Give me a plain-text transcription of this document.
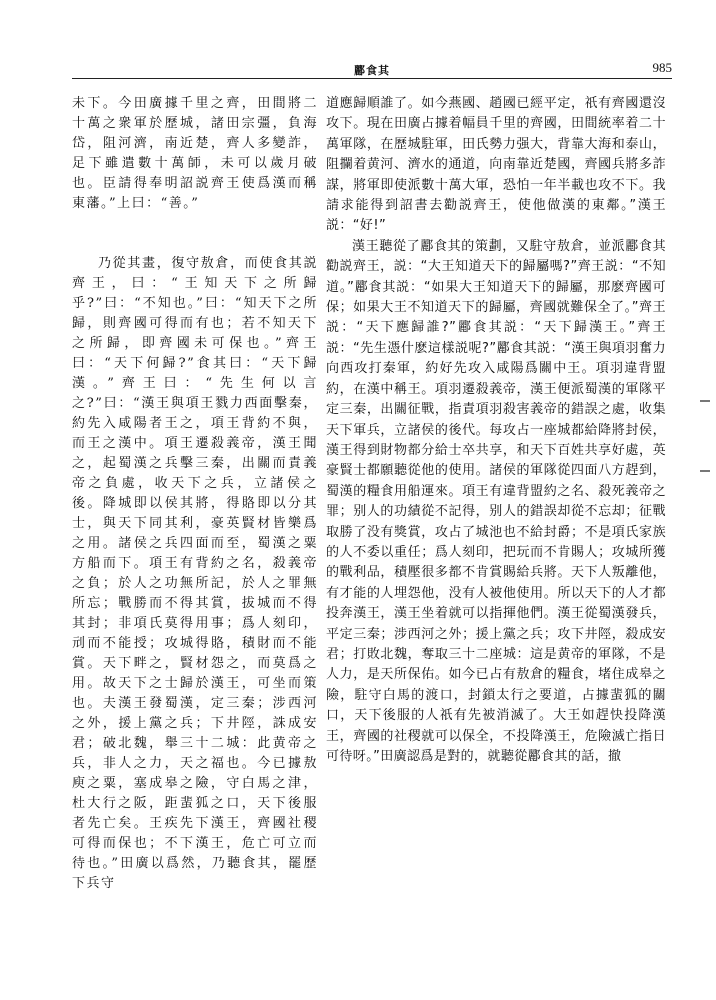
酈食其	985

未下。今田廣據千里之齊，田間將二十萬之衆軍於歷城，諸田宗彊，負海岱，阻河濟，南近楚，齊人多變詐，足下雖遣數十萬師，未可以歲月破也。臣請得奉明詔説齊王使爲漢而稱東藩。”上曰：“善。”

乃從其畫，復守敖倉，而使食其説齊王，曰：“王知天下之所歸乎?”曰：“不知也。”曰：“知天下之所歸，則齊國可得而有也；若不知天下之所歸，即齊國未可保也。”齊王曰：“天下何歸?”食其曰：“天下歸漢。”齊王曰：“先生何以言之?”曰：“漢王與項王戮力西面擊秦，約先入咸陽者王之，項王背約不與，而王之漢中。項王遷殺義帝，漢王聞之，起蜀漢之兵擊三秦，出關而責義帝之負處，收天下之兵，立諸侯之後。降城即以侯其將，得賂即以分其士，與天下同其利，豪英賢材皆樂爲之用。諸侯之兵四面而至，蜀漢之粟方船而下。項王有背約之名，殺義帝之負；於人之功無所記，於人之罪無所忘；戰勝而不得其賞，拔城而不得其封；非項氏莫得用事；爲人刻印，刓而不能授；攻城得賂，積財而不能賞。天下畔之，賢材怨之，而莫爲之用。故天下之士歸於漢王，可坐而策也。夫漢王發蜀漢，定三秦；涉西河之外，援上黨之兵；下井陘，誅成安君；破北魏，舉三十二城：此黄帝之兵，非人之力，天之福也。今已據敖庾之粟，塞成皋之險，守白馬之津，杜大行之阪，距蜚狐之口，天下後服者先亡矣。王疾先下漢王，齊國社稷可得而保也；不下漢王，危亡可立而待也。”田廣以爲然，乃聽食其，罷歷下兵守

道應歸順誰了。如今燕國、趙國已經平定，祇有齊國還沒攻下。現在田廣占據着幅員千里的齊國，田間統率着二十萬軍隊，在歷城駐軍，田氏勢力强大，背靠大海和泰山，阻攔着黄河、濟水的通道，向南靠近楚國，齊國兵將多詐謀，將軍即使派數十萬大軍，恐怕一年半載也攻不下。我請求能得到詔書去勸説齊王，使他做漢的東鄰。”漢王説：“好!”

漢王聽從了酈食其的策劃，又駐守敖倉，並派酈食其勸説齊王，説：“大王知道天下的歸屬嗎?”齊王説：“不知道。”酈食其説：“如果大王知道天下的歸屬，那麽齊國可保；如果大王不知道天下的歸屬，齊國就難保全了。”齊王説：“天下應歸誰?”酈食其説：“天下歸漢王。”齊王説：“先生憑什麽這樣説呢?”酈食其説：“漢王與項羽奮力向西攻打秦軍，約好先攻入咸陽爲關中王。項羽違背盟約，在漢中稱王。項羽遷殺義帝，漢王便派蜀漢的軍隊平定三秦，出關征戰，指責項羽殺害義帝的錯誤之處，收集天下軍兵，立諸侯的後代。每攻占一座城都給降將封侯，漢王得到財物都分給士卒共享，和天下百姓共享好處，英豪賢士都願聽從他的使用。諸侯的軍隊從四面八方趕到，蜀漢的糧食用船運來。項王有違背盟約之名、殺死義帝之罪；别人的功績從不記得，别人的錯誤却從不忘却；征戰取勝了没有獎賞，攻占了城池也不給封爵；不是項氏家族的人不委以重任；爲人刻印，把玩而不肯賜人；攻城所獲的戰利品，積壓很多都不肯賞賜給兵將。天下人叛離他，有才能的人埋怨他，没有人被他使用。所以天下的人才都投奔漢王，漢王坐着就可以指揮他們。漢王從蜀漢發兵，平定三秦；涉西河之外；援上黨之兵；攻下井陘，殺成安君；打敗北魏，奪取三十二座城：這是黄帝的軍隊，不是人力，是天所保佑。如今已占有敖倉的糧食，堵住成皋之險，駐守白馬的渡口，封鎖太行之要道，占據蜚狐的關口，天下後服的人祇有先被消滅了。大王如趕快投降漢王，齊國的社稷就可以保全，不投降漢王，危險滅亡指日可待呀。”田廣認爲是對的，就聽從酈食其的話，撤
